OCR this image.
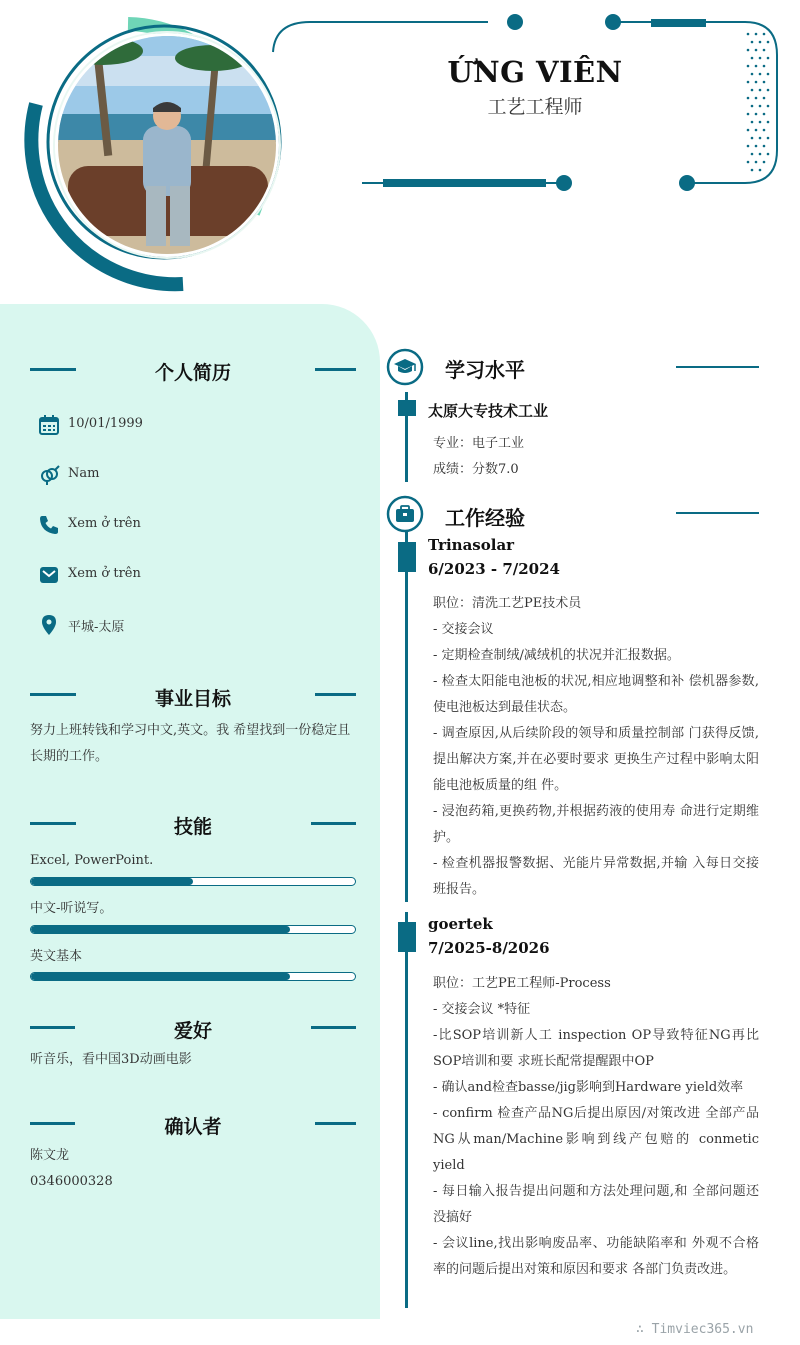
ỨNG VIÊN
工艺工程师
个人简历
10/01/1999
Nam
Xem ở trên
Xem ở trên
平城-太原
事业目标
努力上班转钱和学习中文,英文。我 希望找到一份稳定且长期的工作。
技能
Excel, PowerPoint.
中文-听说写。
英文基本
爱好
听音乐，看中国3D动画电影
确认者
陈文龙
0346000328
学习水平
太原大专技术工业
专业：电子工业
成绩：分数7.0
工作经验
Trinasolar
6/2023 - 7/2024
职位：清洗工艺PE技术员
- 交接会议
- 定期检查制绒/减绒机的状况并汇报数据。
- 检查太阳能电池板的状况,相应地调整和补 偿机器参数,使电池板达到最佳状态。
- 调查原因,从后续阶段的领导和质量控制部 门获得反馈,提出解决方案,并在必要时要求 更换生产过程中影响太阳能电池板质量的组 件。
- 浸泡药箱,更换药物,并根据药液的使用寿 命进行定期维护。
- 检查机器报警数据、光能片异常数据,并输 入每日交接班报告。
goertek
7/2025-8/2026
职位：工艺PE工程师-Process
- 交接会议 *特征
-比SOP培训新人工 inspection OP导致特征NG再比SOP培训和要 求班长配常提醒跟中OP
- 确认and检查basse/jig影响到Hardware yield效率
- confirm 检查产品NG后提出原因/对策改进 全部产品NG从man/Machine影响到线产包赔的 conmetic yield
- 每日输入报告提出问题和方法处理问题,和 全部问题还没搞好
- 会议line,找出影响废品率、功能缺陷率和 外观不合格率的问题后提出对策和原因和要求 各部门负责改进。
∴ Timviec365.vn
